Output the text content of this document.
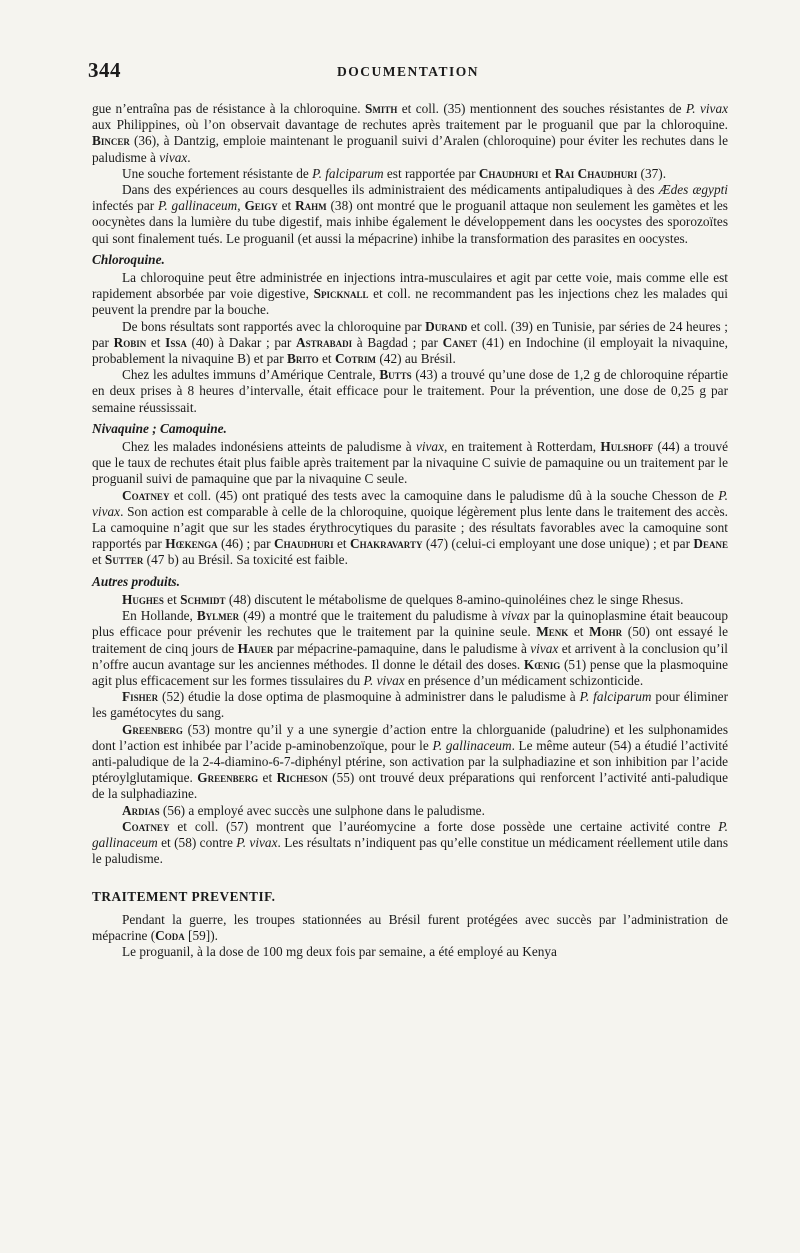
344	DOCUMENTATION

gue n’entraîna pas de résistance à la chloroquine. Smith et coll. (35) mentionnent des souches résistantes de P. vivax aux Philippines, où l’on observait davantage de rechutes après traitement par le proguanil que par la chloroquine. Bincer (36), à Dantzig, emploie maintenant le proguanil suivi d’Aralen (chloroquine) pour éviter les rechutes dans le paludisme à vivax.

Une souche fortement résistante de P. falciparum est rapportée par Chaudhuri et Rai Chaudhuri (37).

Dans des expériences au cours desquelles ils administraient des médicaments antipaludiques à des Ædes ægypti infectés par P. gallinaceum, Geigy et Rahm (38) ont montré que le proguanil attaque non seulement les gamètes et les oocynètes dans la lumière du tube digestif, mais inhibe également le développement dans les oocystes des sporozoïtes qui sont finalement tués. Le proguanil (et aussi la mépacrine) inhibe la transformation des parasites en oocystes.

Chloroquine.

La chloroquine peut être administrée en injections intra-musculaires et agit par cette voie, mais comme elle est rapidement absorbée par voie digestive, Spicknall et coll. ne recommandent pas les injections chez les malades qui peuvent la prendre par la bouche.

De bons résultats sont rapportés avec la chloroquine par Durand et coll. (39) en Tunisie, par séries de 24 heures ; par Robin et Issa (40) à Dakar ; par Astrabadi à Bagdad ; par Canet (41) en Indochine (il employait la nivaquine, probablement la nivaquine B) et par Brito et Cotrim (42) au Brésil.

Chez les adultes immuns d’Amérique Centrale, Butts (43) a trouvé qu’une dose de 1,2 g de chloroquine répartie en deux prises à 8 heures d’intervalle, était efficace pour le traitement. Pour la prévention, une dose de 0,25 g par semaine réussissait.

Nivaquine ; Camoquine.

Chez les malades indonésiens atteints de paludisme à vivax, en traitement à Rotterdam, Hulshoff (44) a trouvé que le taux de rechutes était plus faible après traitement par la nivaquine C suivie de pamaquine ou un traitement par le proguanil suivi de pamaquine que par la nivaquine C seule.

Coatney et coll. (45) ont pratiqué des tests avec la camoquine dans le paludisme dû à la souche Chesson de P. vivax. Son action est comparable à celle de la chloroquine, quoique légèrement plus lente dans le traitement des accès. La camoquine n’agit que sur les stades érythrocytiques du parasite ; des résultats favorables avec la camoquine sont rapportés par Hœkenga (46) ; par Chaudhuri et Chakravarty (47) (celui-ci employant une dose unique) ; et par Deane et Sutter (47 b) au Brésil. Sa toxicité est faible.

Autres produits.

Hughes et Schmidt (48) discutent le métabolisme de quelques 8-amino-quinoléines chez le singe Rhesus.

En Hollande, Bylmer (49) a montré que le traitement du paludisme à vivax par la quinoplasmine était beaucoup plus efficace pour prévenir les rechutes que le traitement par la quinine seule. Menk et Mohr (50) ont essayé le traitement de cinq jours de Hauer par mépacrine-pamaquine, dans le paludisme à vivax et arrivent à la conclusion qu’il n’offre aucun avantage sur les anciennes méthodes. Il donne le détail des doses. Kœnig (51) pense que la plasmoquine agit plus efficacement sur les formes tissulaires du P. vivax en présence d’un médicament schizonticide.

Fisher (52) étudie la dose optima de plasmoquine à administrer dans le paludisme à P. falciparum pour éliminer les gamétocytes du sang.

Greenberg (53) montre qu’il y a une synergie d’action entre la chlorguanide (paludrine) et les sulphonamides dont l’action est inhibée par l’acide p-aminobenzoïque, pour le P. gallinaceum. Le même auteur (54) a étudié l’activité anti-paludique de la 2-4-diamino-6-7-diphényl ptérine, son activation par la sulphadiazine et son inhibition par l’acide ptéroylglutamique. Greenberg et Richeson (55) ont trouvé deux préparations qui renforcent l’activité anti-paludique de la sulphadiazine.

Ardias (56) a employé avec succès une sulphone dans le paludisme.

Coatney et coll. (57) montrent que l’auréomycine a forte dose possède une certaine activité contre P. gallinaceum et (58) contre P. vivax. Les résultats n’indiquent pas qu’elle constitue un médicament réellement utile dans le paludisme.

TRAITEMENT PREVENTIF.

Pendant la guerre, les troupes stationnées au Brésil furent protégées avec succès par l’administration de mépacrine (Coda [59]).

Le proguanil, à la dose de 100 mg deux fois par semaine, a été employé au Kenya
